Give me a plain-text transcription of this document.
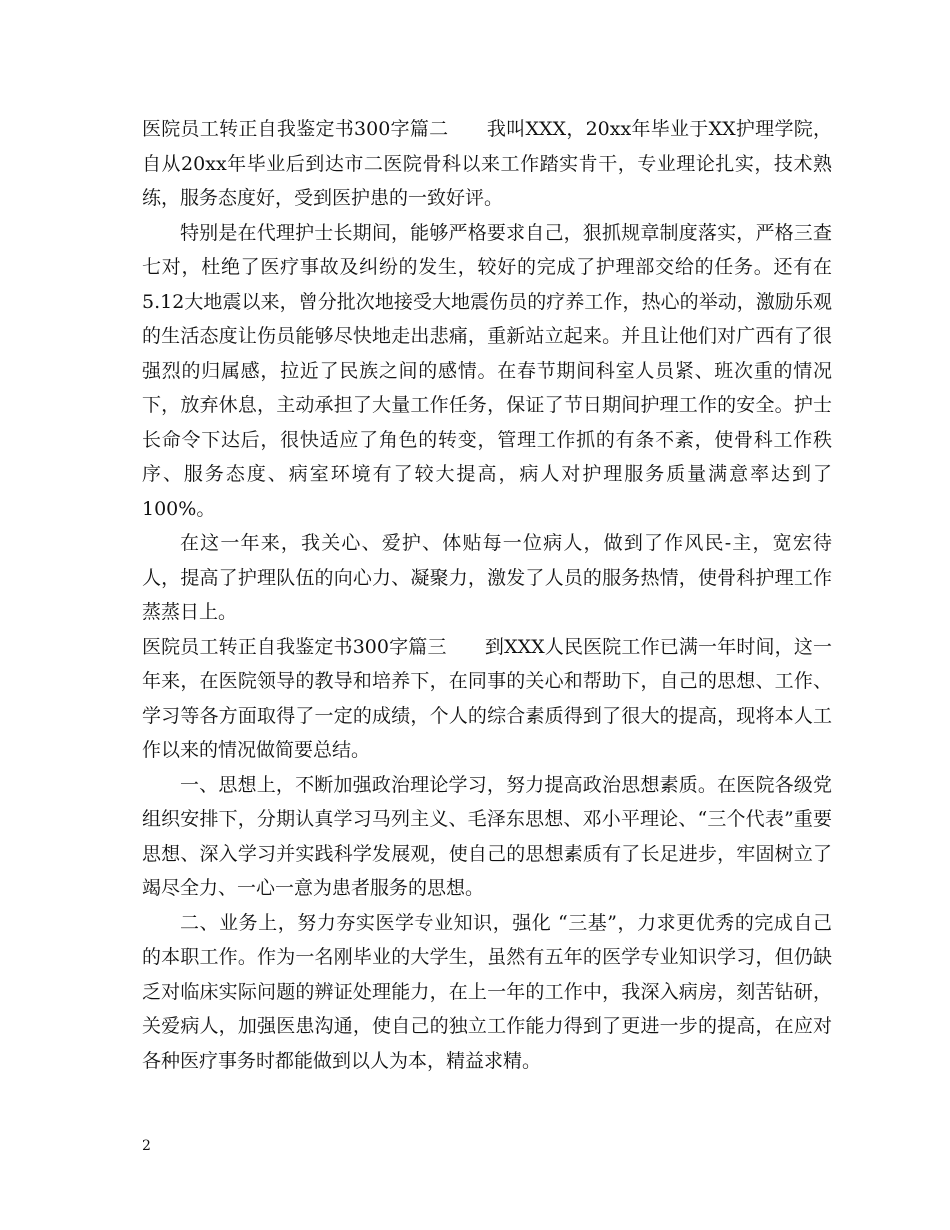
医院员工转正自我鉴定书300字篇二　　我叫XXX，20xx年毕业于XX护理学院，自从20xx年毕业后到达市二医院骨科以来工作踏实肯干，专业理论扎实，技术熟练，服务态度好，受到医护患的一致好评。

特别是在代理护士长期间，能够严格要求自己，狠抓规章制度落实，严格三查七对，杜绝了医疗事故及纠纷的发生，较好的完成了护理部交给的任务。还有在5.12大地震以来，曾分批次地接受大地震伤员的疗养工作，热心的举动，激励乐观的生活态度让伤员能够尽快地走出悲痛，重新站立起来。并且让他们对广西有了很强烈的归属感，拉近了民族之间的感情。在春节期间科室人员紧、班次重的情况下，放弃休息，主动承担了大量工作任务，保证了节日期间护理工作的安全。护士长命令下达后，很快适应了角色的转变，管理工作抓的有条不紊，使骨科工作秩序、服务态度、病室环境有了较大提高，病人对护理服务质量满意率达到了100%。

在这一年来，我关心、爱护、体贴每一位病人，做到了作风民-主，宽宏待人，提高了护理队伍的向心力、凝聚力，激发了人员的服务热情，使骨科护理工作蒸蒸日上。

医院员工转正自我鉴定书300字篇三　　到XXX人民医院工作已满一年时间，这一年来，在医院领导的教导和培养下，在同事的关心和帮助下，自己的思想、工作、学习等各方面取得了一定的成绩，个人的综合素质得到了很大的提高，现将本人工作以来的情况做简要总结。

一、思想上，不断加强政治理论学习，努力提高政治思想素质。在医院各级党组织安排下，分期认真学习马列主义、毛泽东思想、邓小平理论、“三个代表”重要思想、深入学习并实践科学发展观，使自己的思想素质有了长足进步，牢固树立了竭尽全力、一心一意为患者服务的思想。

二、业务上，努力夯实医学专业知识，强化 “三基”，力求更优秀的完成自己的本职工作。作为一名刚毕业的大学生，虽然有五年的医学专业知识学习，但仍缺乏对临床实际问题的辨证处理能力，在上一年的工作中，我深入病房，刻苦钻研，关爱病人，加强医患沟通，使自己的独立工作能力得到了更进一步的提高，在应对各种医疗事务时都能做到以人为本，精益求精。

2
